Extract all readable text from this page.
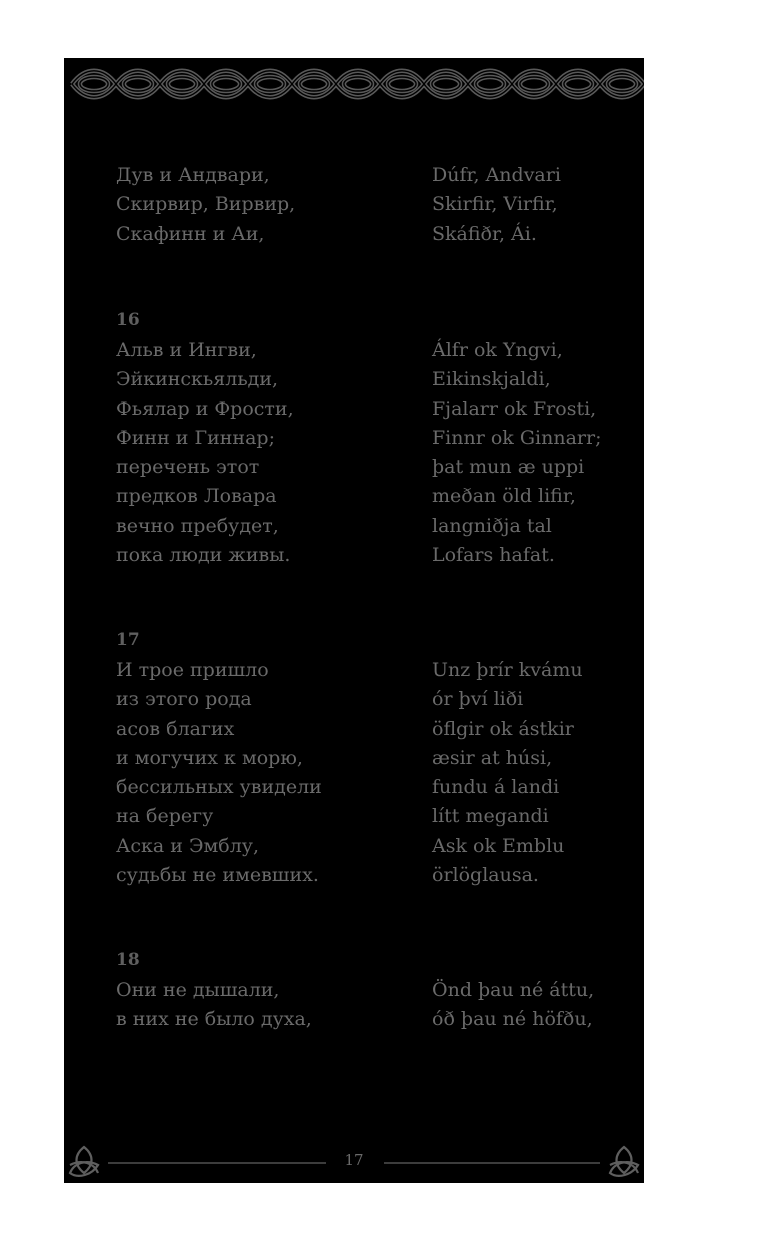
Дув и Андвари,
Скирвир, Вирвир,
Скафинн и Аи,
Dúfr, Andvari
Skirfir, Virfir,
Skáfiðr, Ái.
16
Альв и Ингви,
Эйкинскьяльди,
Фьялар и Фрости,
Финн и Гиннар;
перечень этот
предков Ловара
вечно пребудет,
пока люди живы.
Álfr ok Yngvi,
Eikinskjaldi,
Fjalarr ok Frosti,
Finnr ok Ginnarr;
þat mun æ uppi
meðan öld lifir,
langniðja tal
Lofars hafat.
17
И трое пришло
из этого рода
асов благих
и могучих к морю,
бессильных увидели
на берегу
Аска и Эмблу,
судьбы не имевших.
Unz þrír kvámu
ór því liði
öflgir ok ástkir
æsir at húsi,
fundu á landi
lítt megandi
Ask ok Emblu
örlöglausa.
18
Они не дышали,
в них не было духа,
Önd þau né áttu,
óð þau né höfðu,
17
